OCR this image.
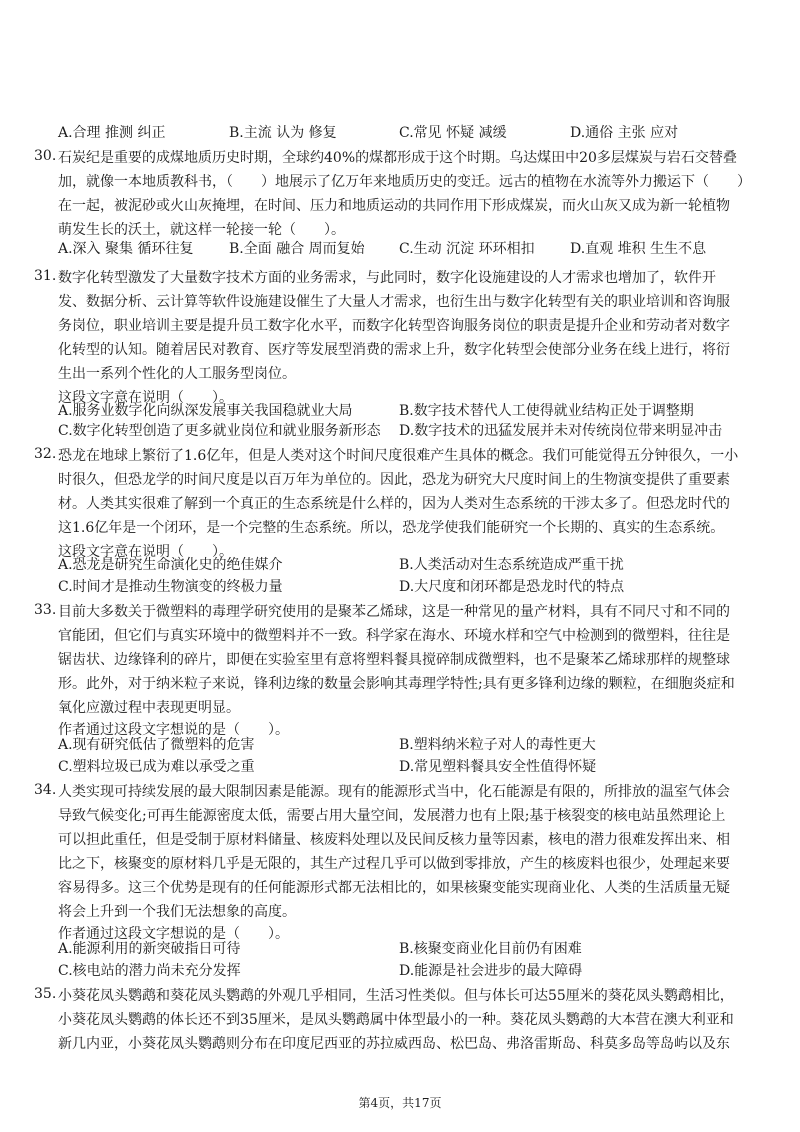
A.合理 推测 纠正	B.主流 认为 修复	C.常见 怀疑 减缓	D.通俗 主张 应对
30. 石炭纪是重要的成煤地质历史时期，全球约40%的煤都形成于这个时期。乌达煤田中20多层煤炭与岩石交替叠
加，就像一本地质教科书，（　　）地展示了亿万年来地质历史的变迁。远古的植物在水流等外力搬运下（　　）
在一起，被泥砂或火山灰掩埋，在时间、压力和地质运动的共同作用下形成煤炭，而火山灰又成为新一轮植物
萌发生长的沃土，就这样一轮接一轮（　　）。
A.深入 聚集 循环往复	B.全面 融合 周而复始 C.生动 沉淀 环环相扣	D.直观 堆积 生生不息
31. 数字化转型激发了大量数字技术方面的业务需求，与此同时，数字化设施建设的人才需求也增加了，软件开
发、数据分析、云计算等软件设施建设催生了大量人才需求，也衍生出与数字化转型有关的职业培训和咨询服
务岗位，职业培训主要是提升员工数字化水平，而数字化转型咨询服务岗位的职责是提升企业和劳动者对数字
化转型的认知。随着居民对教育、医疗等发展型消费的需求上升，数字化转型会使部分业务在线上进行，将衍
生出一系列个性化的人工服务型岗位。
这段文字意在说明（　　）。
A.服务业数字化向纵深发展事关我国稳就业大局	B.数字技术替代人工使得就业结构正处于调整期
C.数字化转型创造了更多就业岗位和就业服务新形态 D.数字技术的迅猛发展并未对传统岗位带来明显冲击
32. 恐龙在地球上繁衍了1.6亿年，但是人类对这个时间尺度很难产生具体的概念。我们可能觉得五分钟很久，一小
时很久，但恐龙学的时间尺度是以百万年为单位的。因此，恐龙为研究大尺度时间上的生物演变提供了重要素
材。人类其实很难了解到一个真正的生态系统是什么样的，因为人类对生态系统的干涉太多了。但恐龙时代的
这1.6亿年是一个闭环，是一个完整的生态系统。所以，恐龙学使我们能研究一个长期的、真实的生态系统。
这段文字意在说明（　　）。
A.恐龙是研究生命演化史的绝佳媒介	B.人类活动对生态系统造成严重干扰
C.时间才是推动生物演变的终极力量	D.大尺度和闭环都是恐龙时代的特点
33. 目前大多数关于微塑料的毒理学研究使用的是聚苯乙烯球，这是一种常见的量产材料，具有不同尺寸和不同的
官能团，但它们与真实环境中的微塑料并不一致。科学家在海水、环境水样和空气中检测到的微塑料，往往是
锯齿状、边缘锋利的碎片，即便在实验室里有意将塑料餐具搅碎制成微塑料，也不是聚苯乙烯球那样的规整球
形。此外，对于纳米粒子来说，锋利边缘的数量会影响其毒理学特性;具有更多锋利边缘的颗粒，在细胞炎症和
氧化应激过程中表现更明显。
作者通过这段文字想说的是（　　）。
A.现有研究低估了微塑料的危害	B.塑料纳米粒子对人的毒性更大
C.塑料垃圾已成为难以承受之重	D.常见塑料餐具安全性值得怀疑
34. 人类实现可持续发展的最大限制因素是能源。现有的能源形式当中，化石能源是有限的，所排放的温室气体会
导致气候变化;可再生能源密度太低，需要占用大量空间，发展潜力也有上限;基于核裂变的核电站虽然理论上
可以担此重任，但是受制于原材料储量、核废料处理以及民间反核力量等因素，核电的潜力很难发挥出来、相
比之下，核聚变的原材料几乎是无限的，其生产过程几乎可以做到零排放，产生的核废料也很少，处理起来要
容易得多。这三个优势是现有的任何能源形式都无法相比的，如果核聚变能实现商业化、人类的生活质量无疑
将会上升到一个我们无法想象的高度。
作者通过这段文字想说的是（　　）。
A.能源利用的新突破指日可待	B.核聚变商业化目前仍有困难
C.核电站的潜力尚未充分发挥	D.能源是社会进步的最大障碍
35. 小葵花凤头鹦鹉和葵花凤头鹦鹉的外观几乎相同，生活习性类似。但与体长可达55厘米的葵花凤头鹦鹉相比，
小葵花凤头鹦鹉的体长还不到35厘米，是凤头鹦鹉属中体型最小的一种。葵花凤头鹦鹉的大本营在澳大利亚和
新几内亚，小葵花凤头鹦鹉则分布在印度尼西亚的苏拉威西岛、松巴岛、弗洛雷斯岛、科莫多岛等岛屿以及东
第4页，共17页
